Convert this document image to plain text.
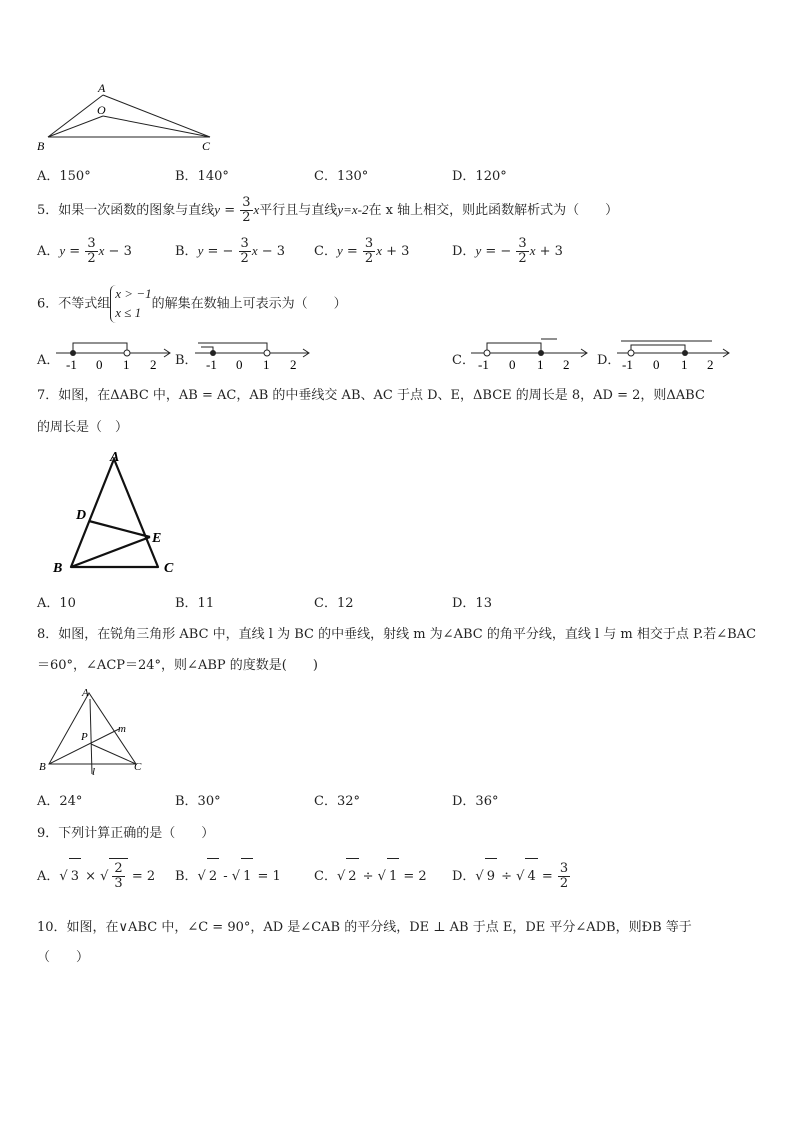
A
O
B	C
A．150°	B．140°	C．130°	D．120°
5．如果一次函数的图象与直线$y = \frac{3}{2}$ x平行且与直线y=x-2在 x 轴上相交，则此函数解析式为（　　）
A．$y = \frac{3}{2}$ x − 3	B．y = − $\frac{3}{2}$ x − 3 C．$y = \frac{3}{2}$ x + 3	D．y = − $\frac{3}{2}$ x + 3
6．不等式组
x > −1
x ≤ 1
的解集在数轴上可表示为（　　）
A． -1 0 1 2 B． -1 0 1 2	C． -1 0 1 2 D． -1 0 1 2
7．如图，在ΔABC 中，AB = AC，AB 的中垂线交 AB、AC 于点 D、E，ΔBCE 的周长是 8，AD = 2，则ΔABC
的周长是（　）
A
D
E
B	C
A．10	B．11	C．12	D．13
8．如图，在锐角三角形 ABC 中，直线 l 为 BC 的中垂线，射线 m 为∠ABC 的角平分线，直线 l 与 m 相交于点 P.若∠BAC
＝60°，∠ACP＝24°，则∠ABP 的度数是(　　)
A
P
m
B	l	C
A．24°	B．30°	C．32°	D．36°
9．下列计算正确的是（　　）
A．√ 3 × √ $\frac{2}{3} = 2$ B．√ 2 - √ 1 = 1	C．√ 2 ÷ √ 1 = 2 D．√ 9 ÷ √ $4 = \frac{3}{2}$
10．如图，在∨ABC 中，∠C = 90°，AD 是∠CAB 的平分线，DE ⊥ AB 于点 E，DE 平分∠ADB，则ÐB 等于
（　　）
